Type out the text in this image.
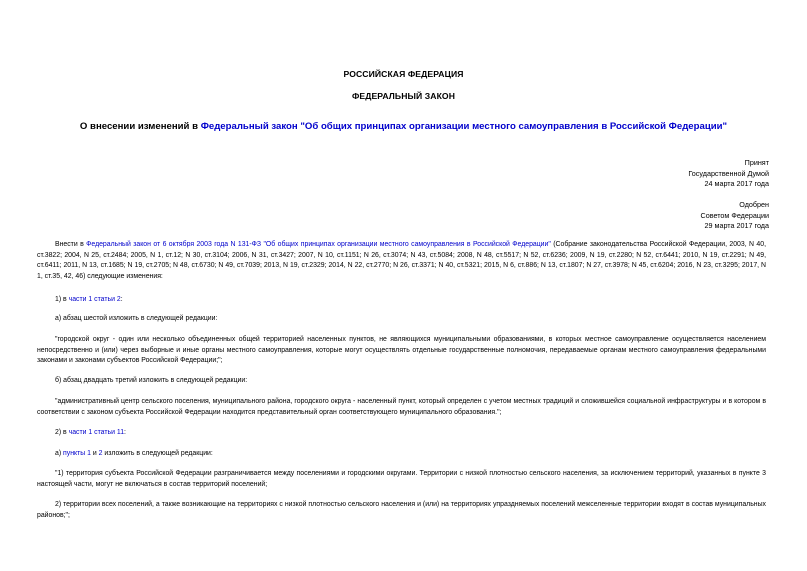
РОССИЙСКАЯ ФЕДЕРАЦИЯ
ФЕДЕРАЛЬНЫЙ ЗАКОН
О внесении изменений в Федеральный закон "Об общих принципах организации местного самоуправления в Российской Федерации"
Принят
Государственной Думой
24 марта 2017 года
Одобрен
Советом Федерации
29 марта 2017 года
Внести в Федеральный закон от 6 октября 2003 года N 131-ФЗ "Об общих принципах организации местного самоуправления в Российской Федерации" (Собрание законодательства Российской Федерации, 2003, N 40, ст.3822; 2004, N 25, ст.2484; 2005, N 1, ст.12; N 30, ст.3104; 2006, N 31, ст.3427; 2007, N 10, ст.1151; N 26, ст.3074; N 43, ст.5084; 2008, N 48, ст.5517; N 52, ст.6236; 2009, N 19, ст.2280; N 52, ст.6441; 2010, N 19, ст.2291; N 49, ст.6411; 2011, N 13, ст.1685; N 19, ст.2705; N 48, ст.6730; N 49, ст.7039; 2013, N 19, ст.2329; 2014, N 22, ст.2770; N 26, ст.3371; N 40, ст.5321; 2015, N 6, ст.886; N 13, ст.1807; N 27, ст.3978; N 45, ст.6204; 2016, N 23, ст.3295; 2017, N 1, ст.35, 42, 46) следующие изменения:
1) в части 1 статьи 2:
а) абзац шестой изложить в следующей редакции:
"городской округ - один или несколько объединенных общей территорией населенных пунктов, не являющихся муниципальными образованиями, в которых местное самоуправление осуществляется населением непосредственно и (или) через выборные и иные органы местного самоуправления, которые могут осуществлять отдельные государственные полномочия, передаваемые органам местного самоуправления федеральными законами и законами субъектов Российской Федерации;";
б) абзац двадцать третий изложить в следующей редакции:
"административный центр сельского поселения, муниципального района, городского округа - населенный пункт, который определен с учетом местных традиций и сложившейся социальной инфраструктуры и в котором в соответствии с законом субъекта Российской Федерации находится представительный орган соответствующего муниципального образования.";
2) в части 1 статьи 11:
а) пункты 1 и 2 изложить в следующей редакции:
"1) территория субъекта Российской Федерации разграничивается между поселениями и городскими округами. Территории с низкой плотностью сельского населения, за исключением территорий, указанных в пункте 3 настоящей части, могут не включаться в состав территорий поселений;
2) территории всех поселений, а также возникающие на территориях с низкой плотностью сельского населения и (или) на территориях упраздняемых поселений межселенные территории входят в состав муниципальных районов;";
